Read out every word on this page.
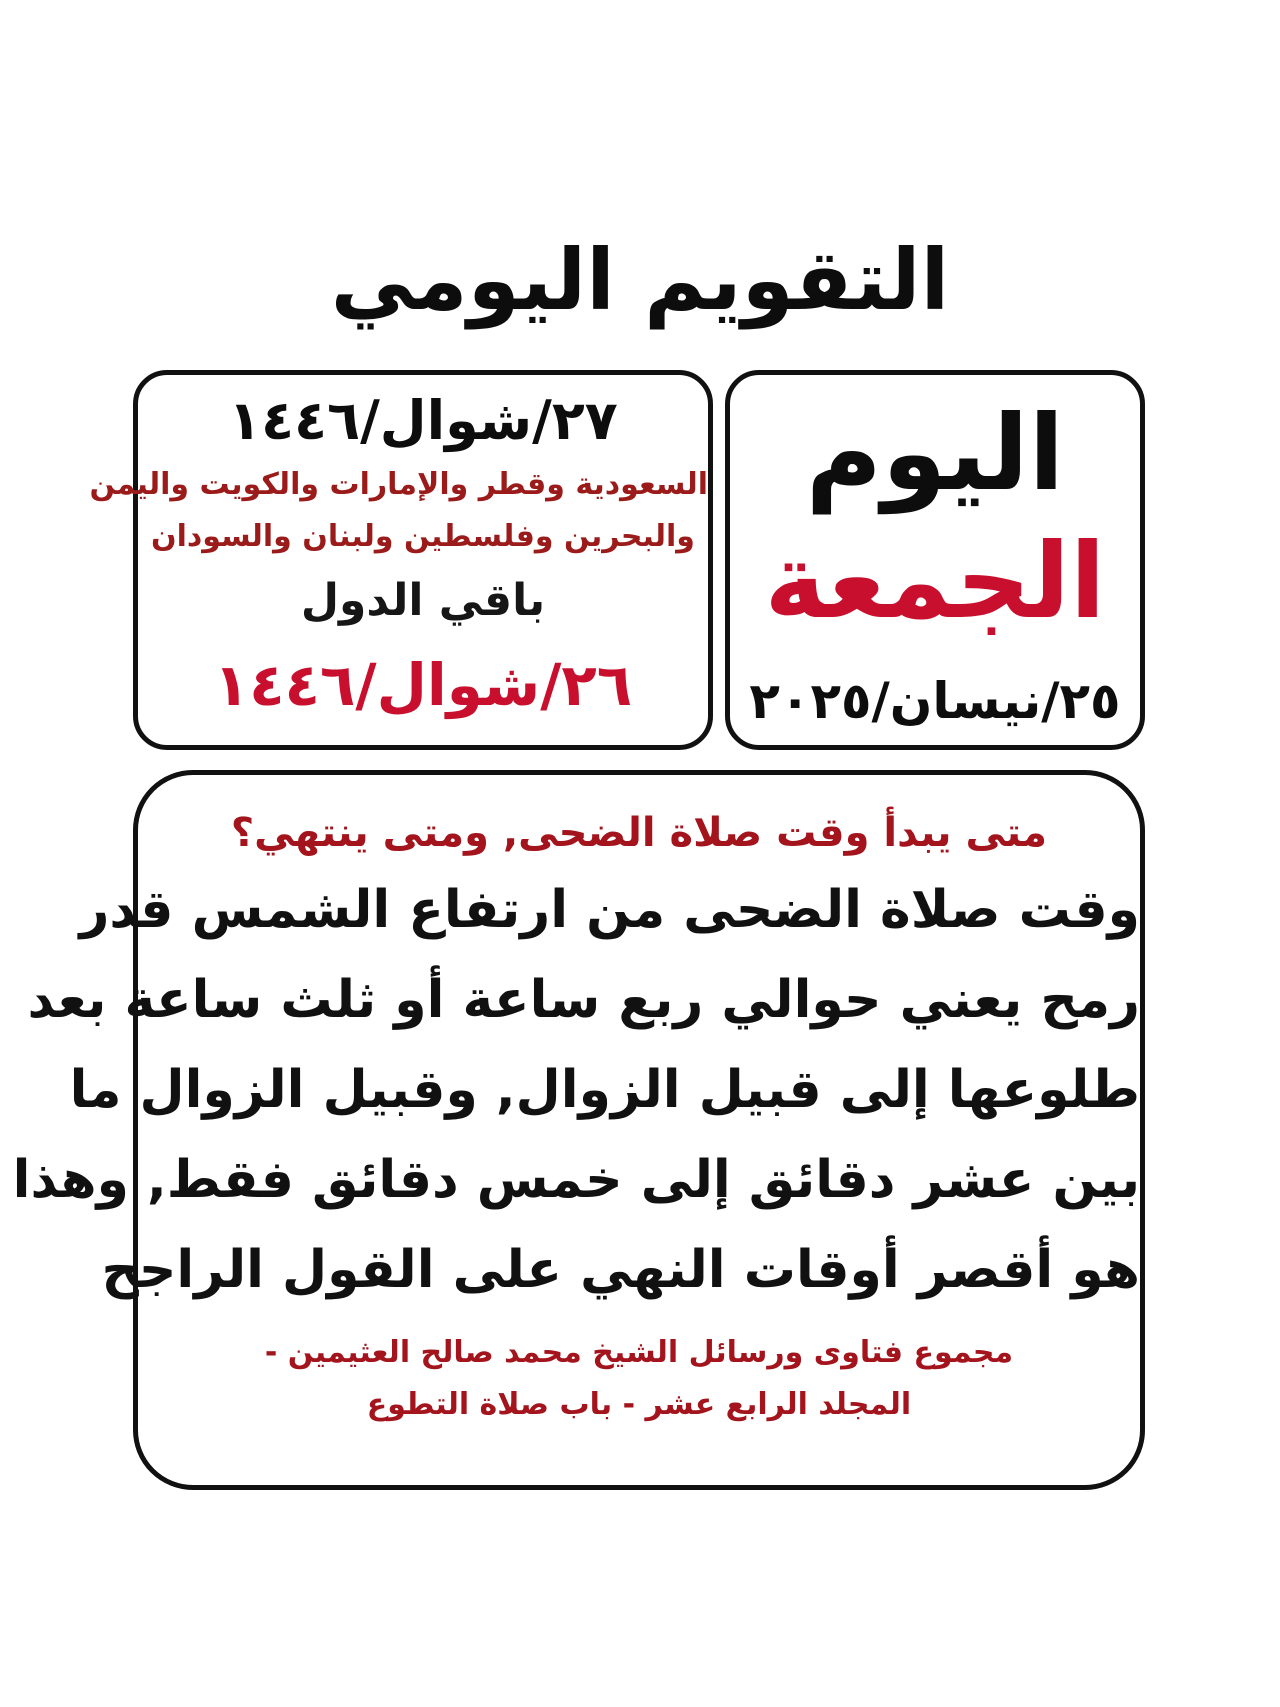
التقويم اليومي
اليوم
الجمعة
٢٥/نيسان/٢٠٢٥
٢٧/شوال/١٤٤٦
السعودية وقطر والإمارات والكويت واليمن
والبحرين وفلسطين ولبنان والسودان
باقي الدول
٢٦/شوال/١٤٤٦
متى يبدأ وقت صلاة الضحى, ومتى ينتهي؟
وقت صلاة الضحى من ارتفاع الشمس قدر
رمح يعني حوالي ربع ساعة أو ثلث ساعة بعد
طلوعها إلى قبيل الزوال, وقبيل الزوال ما
بين عشر دقائق إلى خمس دقائق فقط, وهذا
هو أقصر أوقات النهي على القول الراجح
مجموع فتاوى ورسائل الشيخ محمد صالح العثيمين -
المجلد الرابع عشر - باب صلاة التطوع
